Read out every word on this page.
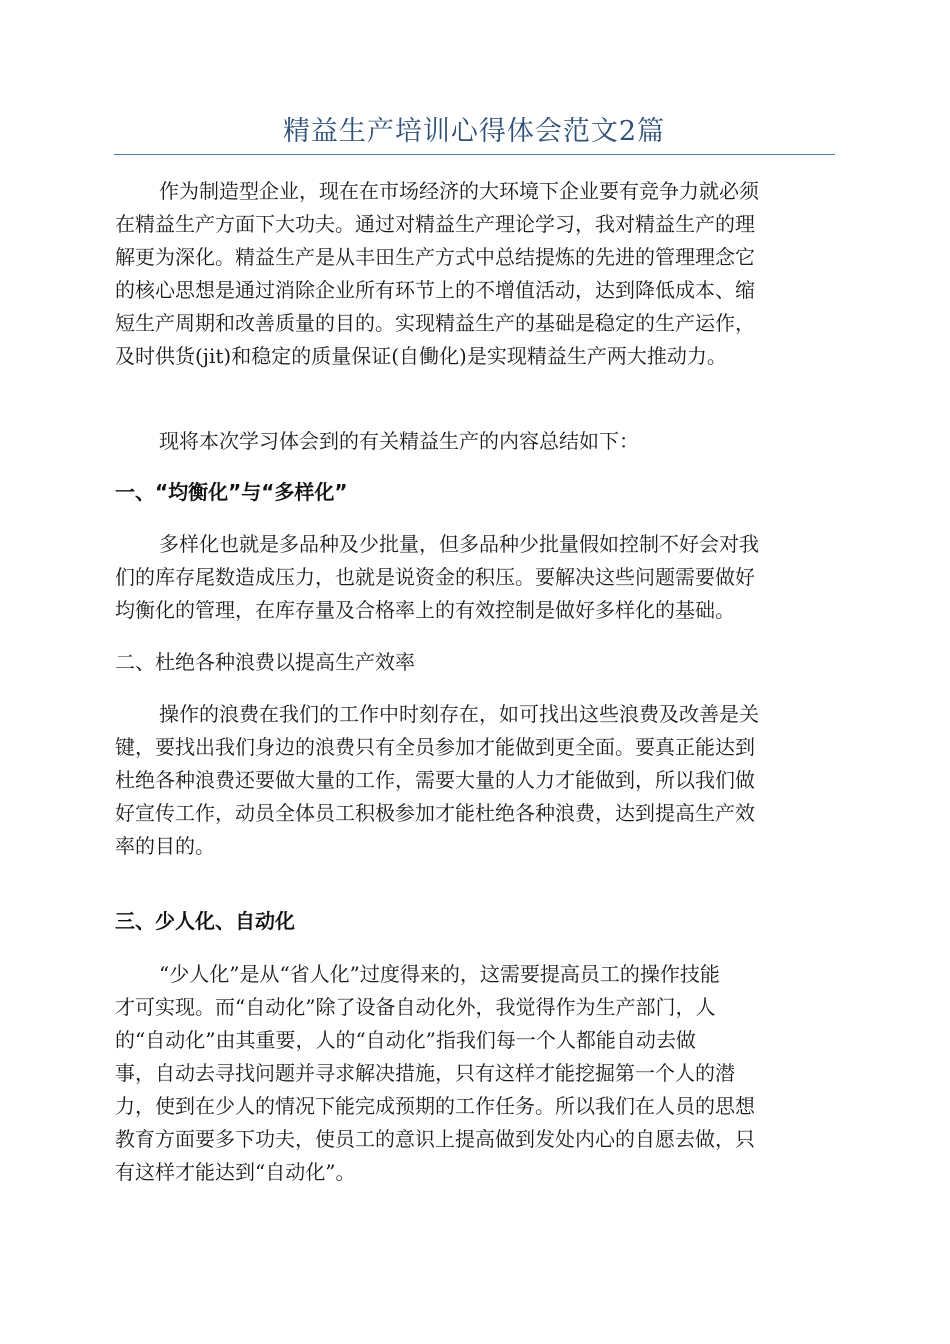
精益生产培训心得体会范文2篇
作为制造型企业，现在在市场经济的大环境下企业要有竞争力就必须
在精益生产方面下大功夫。通过对精益生产理论学习，我对精益生产的理
解更为深化。精益生产是从丰田生产方式中总结提炼的先进的管理理念它
的核心思想是通过消除企业所有环节上的不增值活动，达到降低成本、缩
短生产周期和改善质量的目的。实现精益生产的基础是稳定的生产运作，
及时供货(jit)和稳定的质量保证(自働化)是实现精益生产两大推动力。
现将本次学习体会到的有关精益生产的内容总结如下：
一、“均衡化”与“多样化”
多样化也就是多品种及少批量，但多品种少批量假如控制不好会对我
们的库存尾数造成压力，也就是说资金的积压。要解决这些问题需要做好
均衡化的管理，在库存量及合格率上的有效控制是做好多样化的基础。
二、杜绝各种浪费以提高生产效率
操作的浪费在我们的工作中时刻存在，如可找出这些浪费及改善是关
键，要找出我们身边的浪费只有全员参加才能做到更全面。要真正能达到
杜绝各种浪费还要做大量的工作，需要大量的人力才能做到，所以我们做
好宣传工作，动员全体员工积极参加才能杜绝各种浪费，达到提高生产效
率的目的。
三、少人化、自动化
“少人化”是从“省人化”过度得来的，这需要提高员工的操作技能
才可实现。而“自动化”除了设备自动化外，我觉得作为生产部门，人
的“自动化”由其重要，人的“自动化”指我们每一个人都能自动去做
事，自动去寻找问题并寻求解决措施，只有这样才能挖掘第一个人的潜
力，使到在少人的情况下能完成预期的工作任务。所以我们在人员的思想
教育方面要多下功夫，使员工的意识上提高做到发处内心的自愿去做，只
有这样才能达到“自动化”。
